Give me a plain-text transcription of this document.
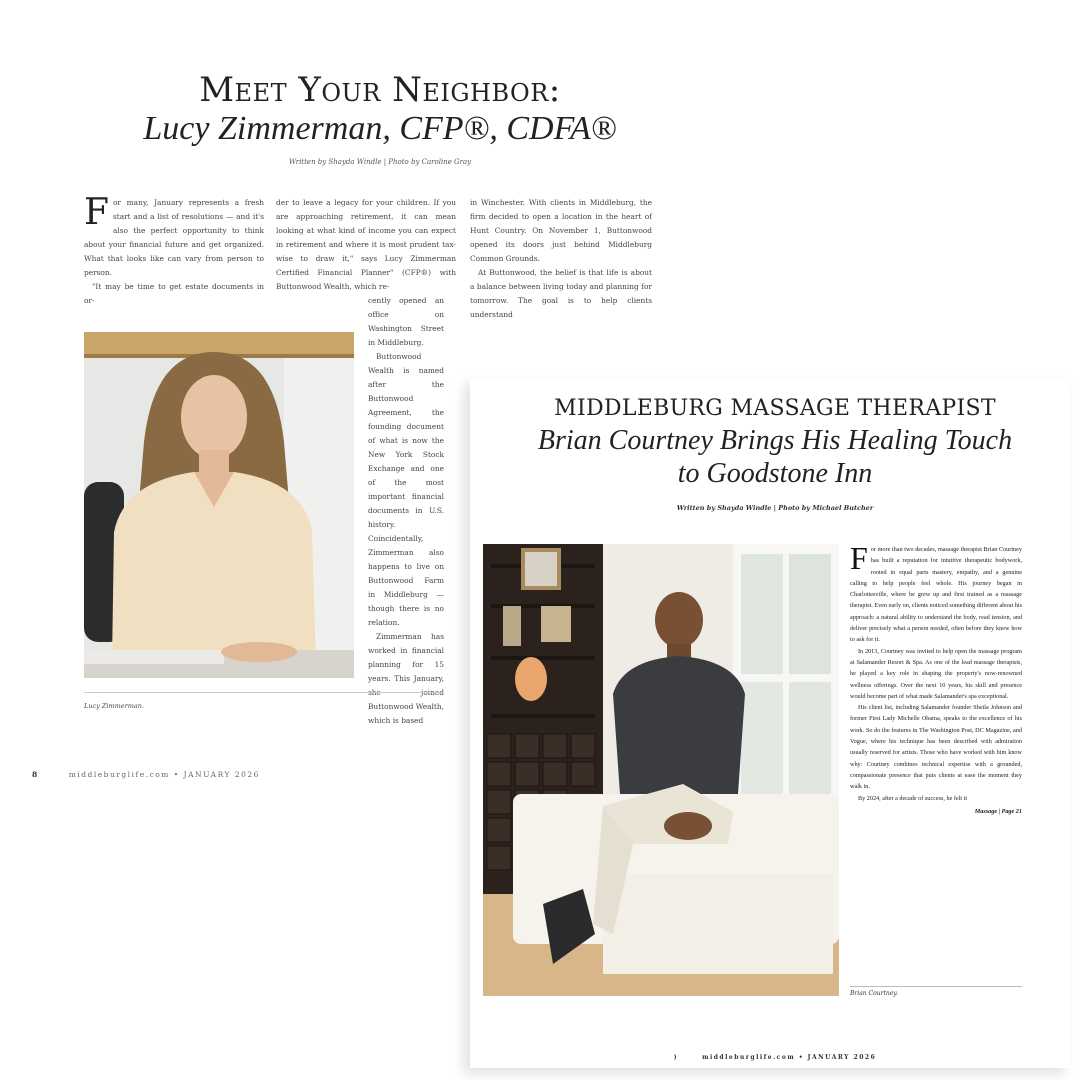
Meet Your Neighbor:
Lucy Zimmerman, CFP®, CDFA®
Written by Shayda Windle | Photo by Caroline Gray

For many, January represents a fresh start and a list of resolutions — and it's also the perfect opportunity to think about your financial future and get organized. What that looks like can vary from person to person.

"It may be time to get estate documents in or-

der to leave a legacy for your children. If you are approaching retirement, it can mean looking at what kind of income you can expect in retirement and where it is most prudent tax-wise to draw it," says Lucy Zimmerman Certified Financial Planner" (CFP®) with Buttonwood Wealth, which re-

cently opened an office on Washington Street in Middleburg.

Buttonwood Wealth is named after the Buttonwood Agreement, the founding document of what is now the New York Stock Exchange and one of the most important financial documents in U.S. history. Coincidentally, Zimmerman also happens to live on Buttonwood Farm in Middleburg — though there is no relation.

Zimmerman has worked in financial planning for 15 years. This January, Buttonwood Wealth, which is based

in Winchester. With clients in Middleburg, the firm decided to open a location in the heart of Hunt Country. On November 1, Buttonwood opened its doors just behind Middleburg Common Grounds.

At Buttonwood, the belief is that life is about a balance between living today and planning for tomorrow. The goal is to help clients understand

Lucy Zimmerman.
8	middleburglife.com • JANUARY 2026
MIDDLEBURG MASSAGE THERAPIST
Brian Courtney Brings His Healing Touch
to Goodstone Inn
Written by Shayda Windle | Photo by Michael Butcher

For more than two decades, massage therapist Brian Courtney has built a reputation for intuitive therapeutic bodywork, rooted in equal parts mastery, empathy, and a genuine calling to help people feel whole. His journey began in Charlottesville, where he grew up and first trained as a massage therapist. Even early on, clients noticed something different about his approach: a natural ability to understand the body, read tension, and deliver precisely what a person needed, often before they knew how to ask for it.

In 2013, Courtney was invited to help open the massage program at Salamander Resort & Spa. As one of the lead massage therapists, he played a key role in shaping the property's now-renowned wellness offerings. Over the next 10 years, his skill and presence would become part of what made Salamander's spa exceptional.

His client list, including Salamander founder Sheila Johnson and former First Lady Michelle Obama, speaks to the excellence of his work. So do the features in The Washington Post, DC Magazine, and Vogue, where his technique has been described with admiration usually reserved for artists. Those who have worked with him know why: Courtney combines technical expertise with a grounded, compassionate presence that puts clients at ease the moment they walk in.

By 2024, after a decade of success, he felt it

Massage | Page 21
Brian Courtney.
)	middleburglife.com • JANUARY 2026
